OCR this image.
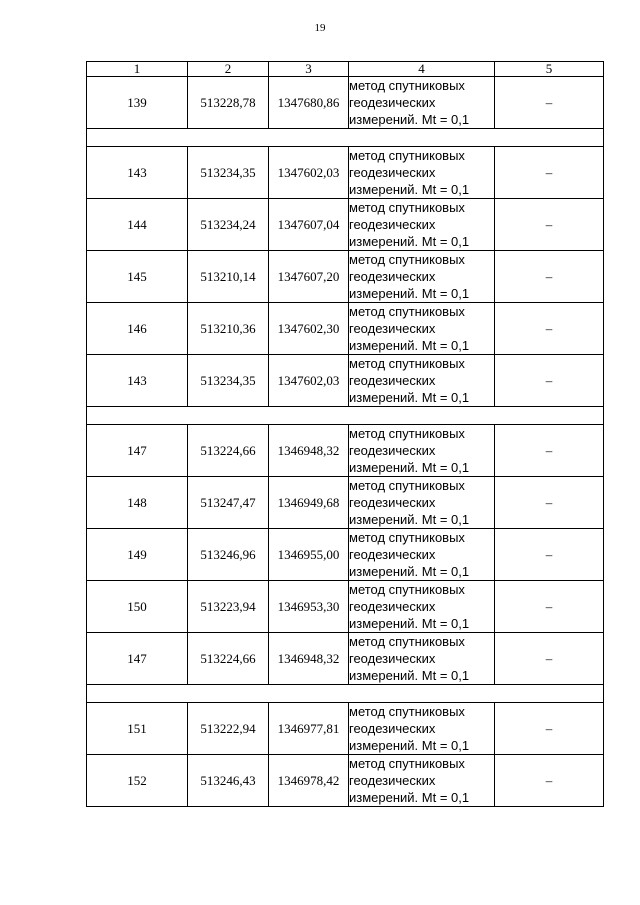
19
1	2	3	4	5
139	513228,78	1347680,86	метод спутниковых
геодезических
измерений. Mt = 0,1	–

143	513234,35	1347602,03	метод спутниковых
геодезических
измерений. Mt = 0,1	–
144	513234,24	1347607,04	метод спутниковых
геодезических
измерений. Mt = 0,1	–
145	513210,14	1347607,20	метод спутниковых
геодезических
измерений. Mt = 0,1	–
146	513210,36	1347602,30	метод спутниковых
геодезических
измерений. Mt = 0,1	–
143	513234,35	1347602,03	метод спутниковых
геодезических
измерений. Mt = 0,1	–

147	513224,66	1346948,32	метод спутниковых
геодезических
измерений. Mt = 0,1	–
148	513247,47	1346949,68	метод спутниковых
геодезических
измерений. Mt = 0,1	–
149	513246,96	1346955,00	метод спутниковых
геодезических
измерений. Mt = 0,1	–
150	513223,94	1346953,30	метод спутниковых
геодезических
измерений. Mt = 0,1	–
147	513224,66	1346948,32	метод спутниковых
геодезических
измерений. Mt = 0,1	–

151	513222,94	1346977,81	метод спутниковых
геодезических
измерений. Mt = 0,1	–
152	513246,43	1346978,42	метод спутниковых
геодезических
измерений. Mt = 0,1	–
